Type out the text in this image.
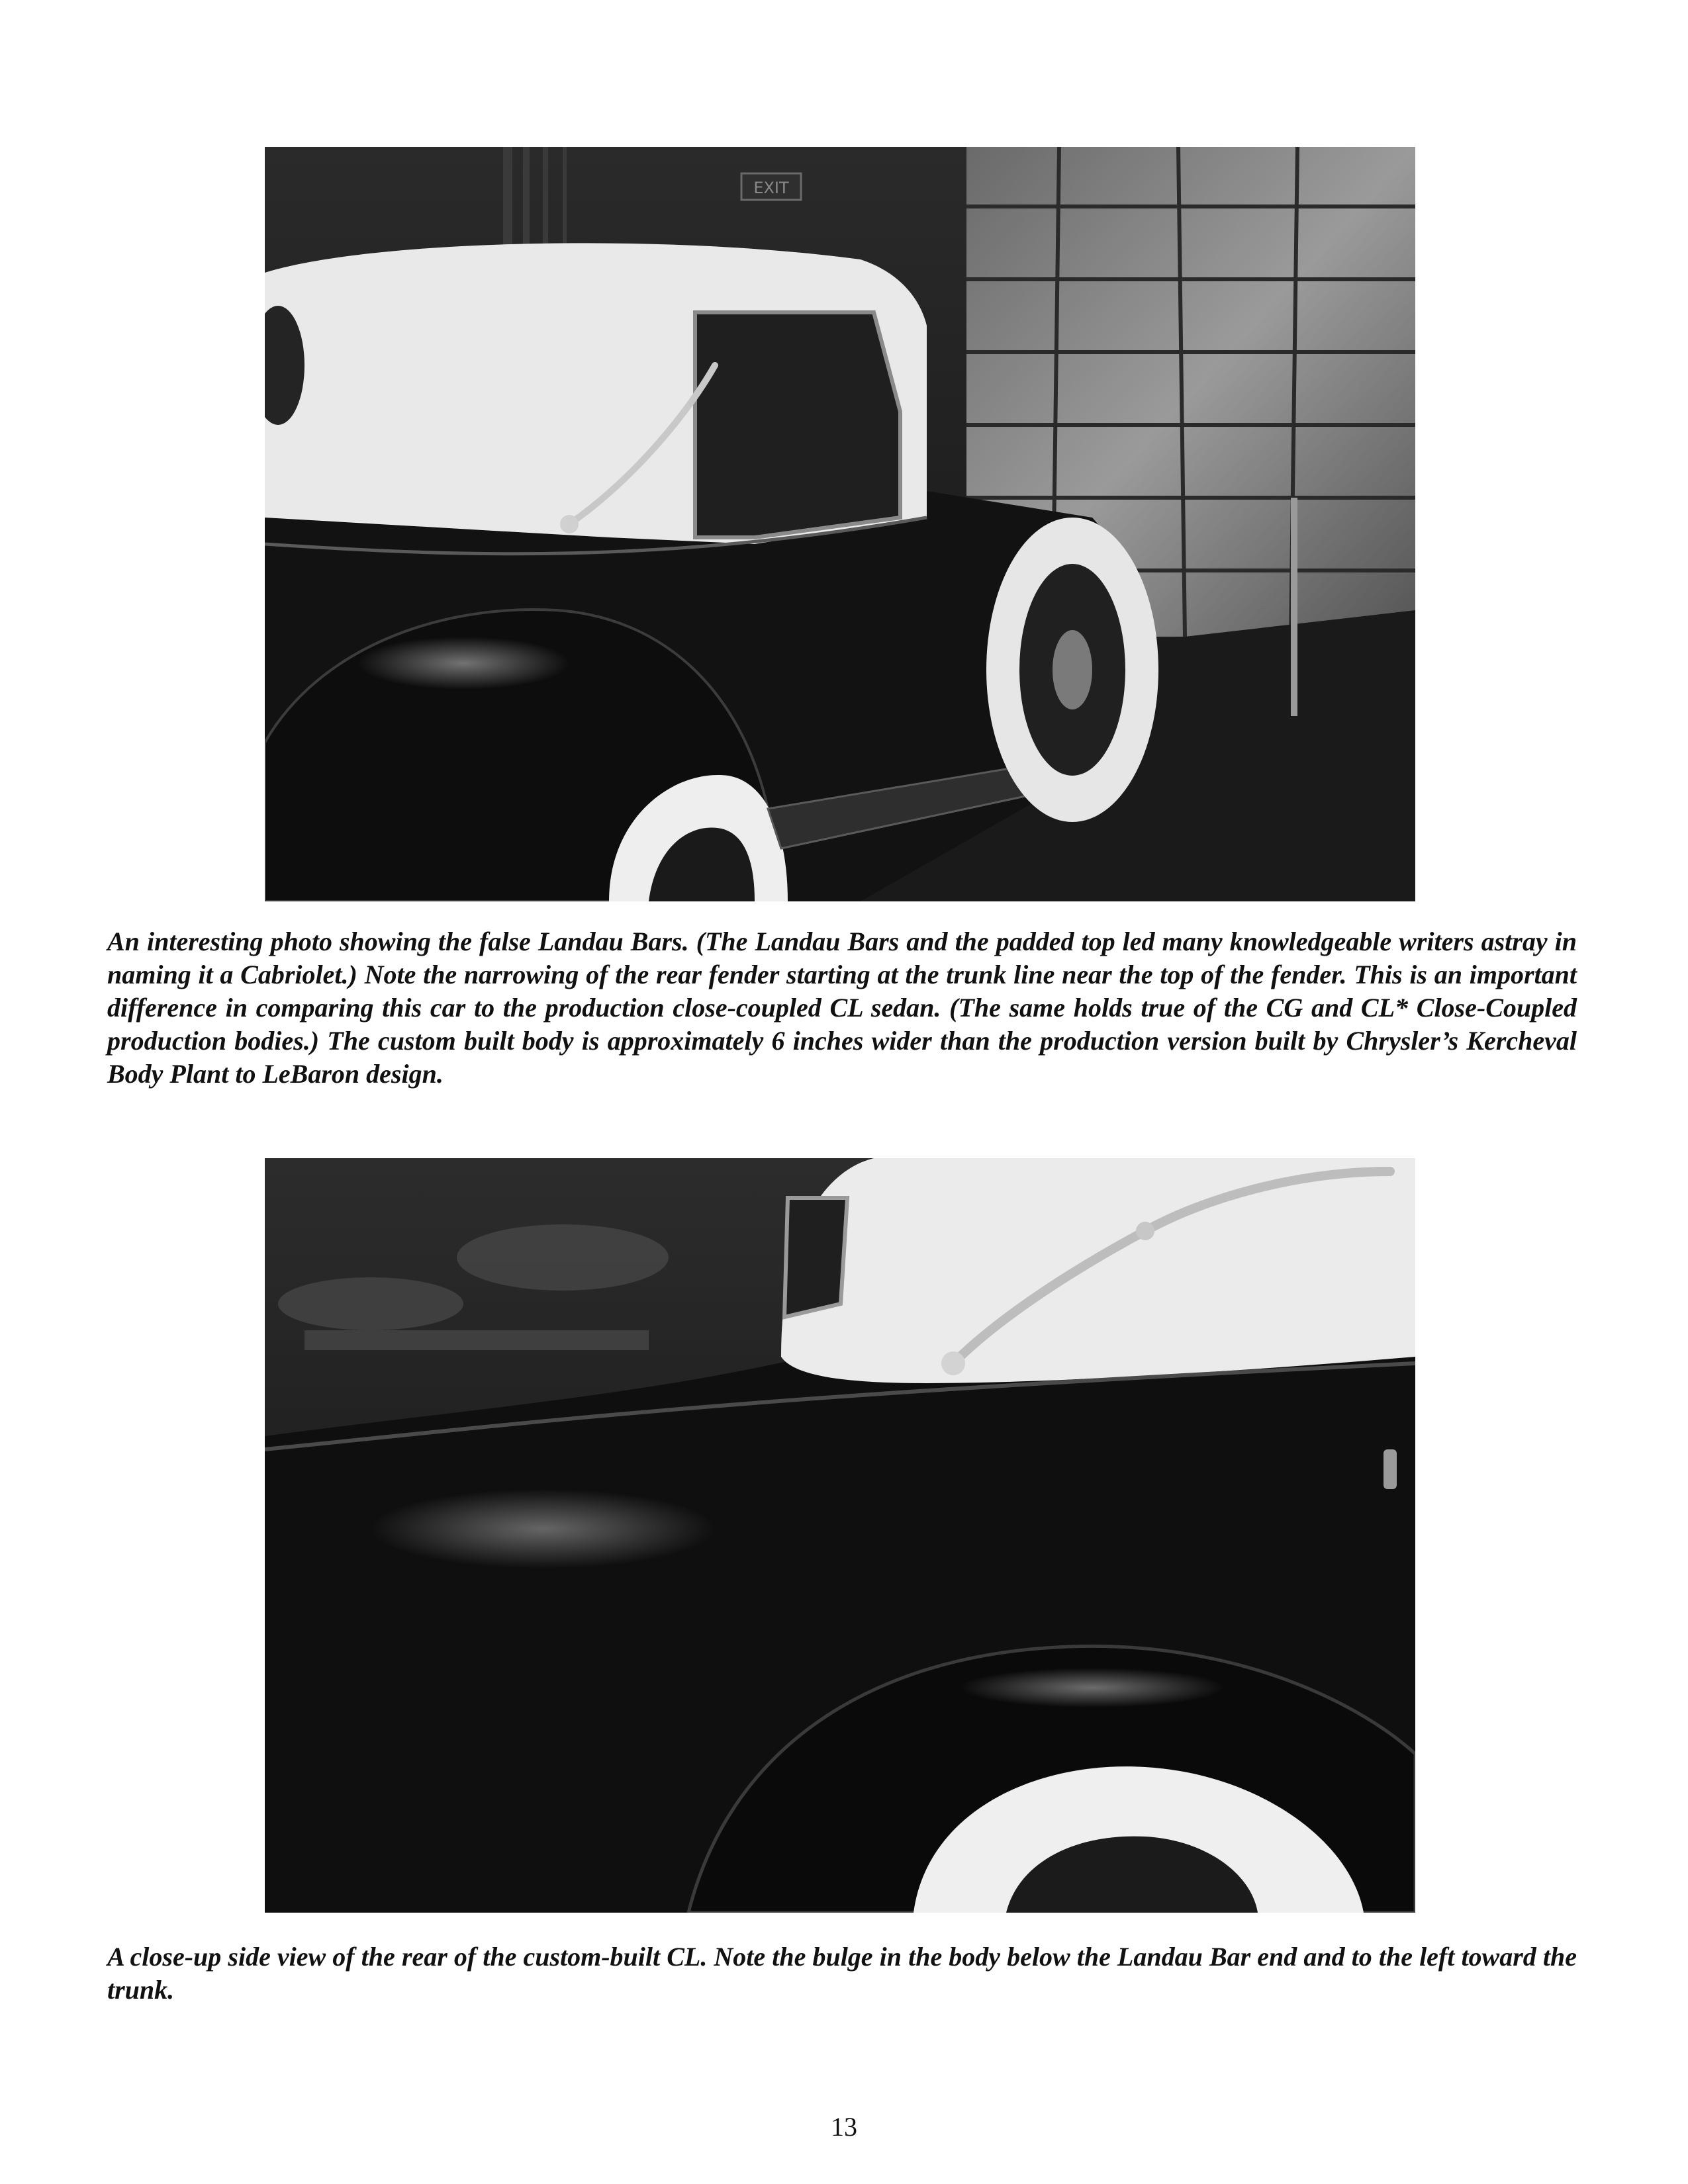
EXIT

An interesting photo showing the false Landau Bars. (The Landau Bars and the padded top led many knowledgeable writers astray in naming it a Cabriolet.) Note the narrowing of the rear fender starting at the trunk line near the top of the fender. This is an important difference in comparing this car to the production close-coupled CL sedan. (The same holds true of the CG and CL* Close-Coupled production bodies.) The custom built body is approximately 6 inches wider than the production version built by Chrysler’s Kercheval Body Plant to LeBaron design.

A close-up side view of the rear of the custom-built CL. Note the bulge in the body below the Landau Bar end and to the left toward the trunk.

13
